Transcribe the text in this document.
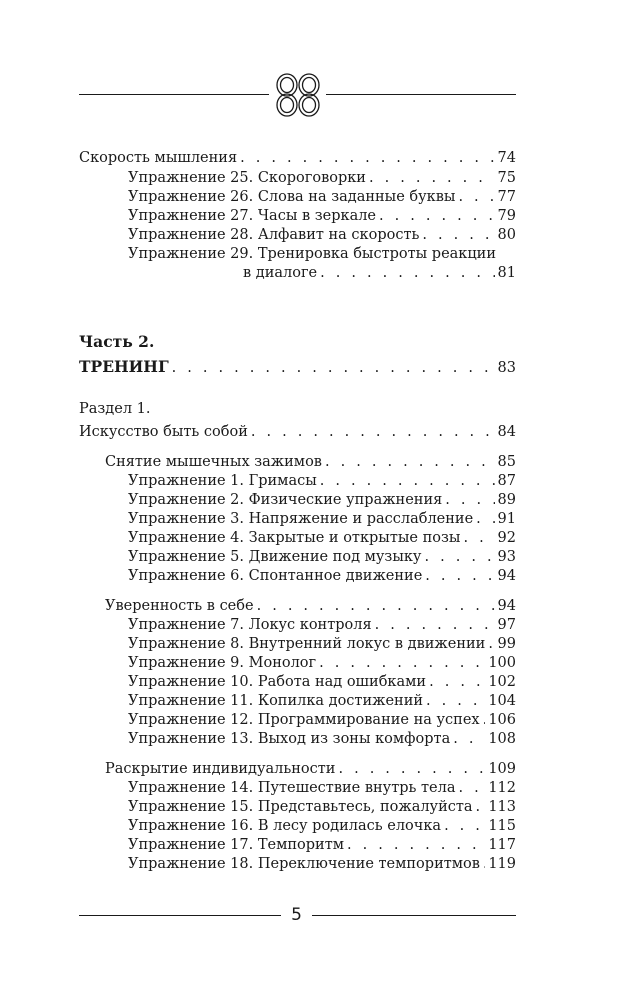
Скорость мышления . . .	74
Упражнение 25. Скороговорки . . .	75
Упражнение 26. Слова на заданные буквы . . .	77
Упражнение 27. Часы в зеркале . . .	79
Упражнение 28. Алфавит на скорость . . .	80
Упражнение 29. Тренировка быстроты реакции
в диалоге . . .	81
Часть 2.
ТРЕНИНГ . . .	83
Раздел 1.
Искусство быть собой . . .	84
Снятие мышечных зажимов . . .	85
Упражнение 1. Гримасы . . .	87
Упражнение 2. Физические упражнения . . .	89
Упражнение 3. Напряжение и расслабление . . . 91
Упражнение 4. Закрытые и открытые позы . . .	92
Упражнение 5. Движение под музыку . . .	93
Упражнение 6. Спонтанное движение . . .	94
Уверенность в себе . . .	94
Упражнение 7. Локус контроля . . .	97
Упражнение 8. Внутренний локус в движении . . . 99
Упражнение 9. Монолог . . .	100
Упражнение 10. Работа над ошибками . . .	102
Упражнение 11. Копилка достижений . . .	104
Упражнение 12. Программирование на успех . . . 106
Упражнение 13. Выход из зоны комфорта . . .	108
Раскрытие индивидуальности . . .	109
Упражнение 14. Путешествие внутрь тела . . . 112
Упражнение 15. Представьтесь, пожалуйста . . . 113
Упражнение 16. В лесу родилась елочка . . .	115
Упражнение 17. Темпоритм . . .	117
Упражнение 18. Переключение темпоритмов . . . 119
5
